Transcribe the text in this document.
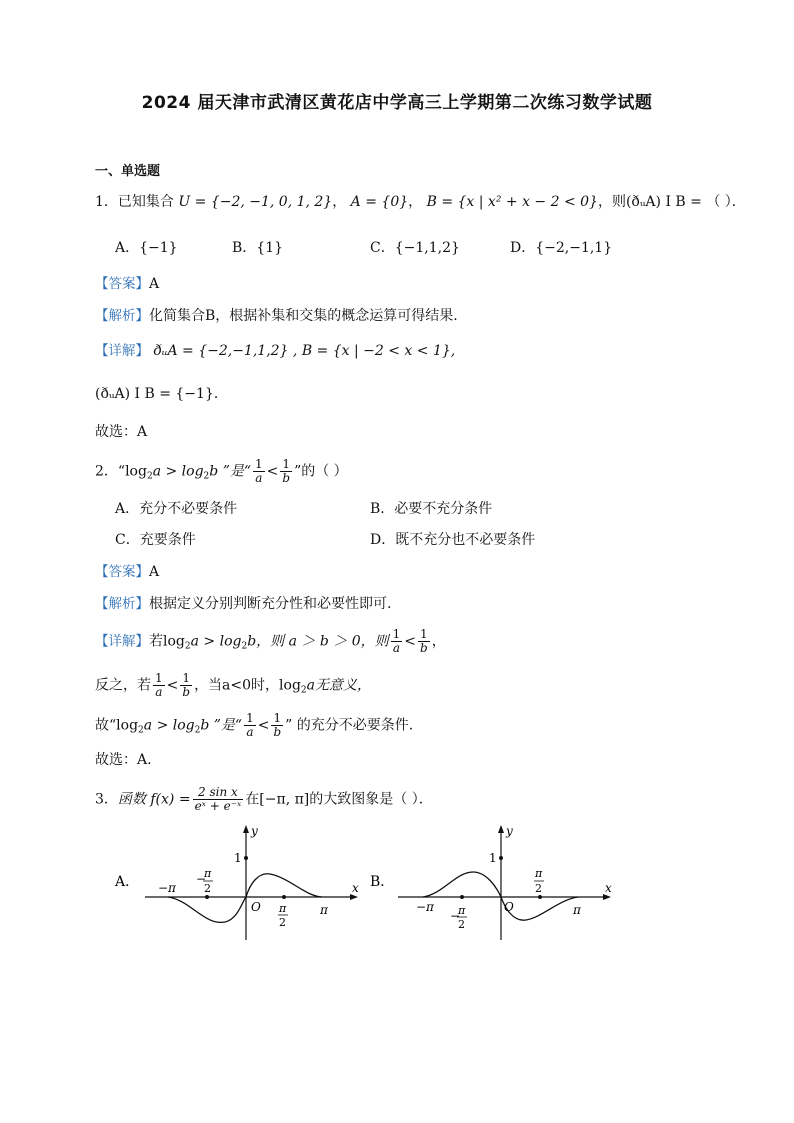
2024 届天津市武清区黄花店中学高三上学期第二次练习数学试题
一、单选题
1．已知集合 U = {−2, −1, 0, 1, 2}， A = {0}， B = {x | x² + x − 2 < 0}，则(ðᵤA) I B = （ ）．
A．{−1}	B．{1}	C．{−1,1,2}	D．{−2,−1,1}
【答案】A
【解析】化简集合B，根据补集和交集的概念运算可得结果.
【详解】 ðᵤA = {−2,−1,1,2} , B = {x | −2 < x < 1},
(ðᵤA) I B = {−1}．
故选：A
2．“$\log_2a > \log_2b$ ”是“ $\frac{1}{a} < \frac{1}{b}$ ”的（ ）
A．充分不必要条件	B．必要不充分条件
C．充要条件	D．既不充分也不必要条件
【答案】A
【解析】根据定义分别判断充分性和必要性即可.
【详解】若$\log_2a > \log_2b$，则 a ＞ b ＞ 0，则 $\frac{1}{a} < \frac{1}{b}$ ，
反之，若 $\frac{1}{a} < \frac{1}{b}$ ，当a<0时，$\log_2a$无意义，
故“$\log_2a > \log_2b$ ”是“ $\frac{1}{a} < \frac{1}{b}$ ” 的充分不必要条件.
故选：A.
3．函数 $f(x) = \frac{\text{2 sin x}}{\text{eˣ + e⁻ˣ}}$ 在[−π, π]的大致图象是（ ）．
A．
y
x
1
O
−π
π
−
π
2
π
2
B．
y
x
1
O
−π	π
−
π
2
π
2
